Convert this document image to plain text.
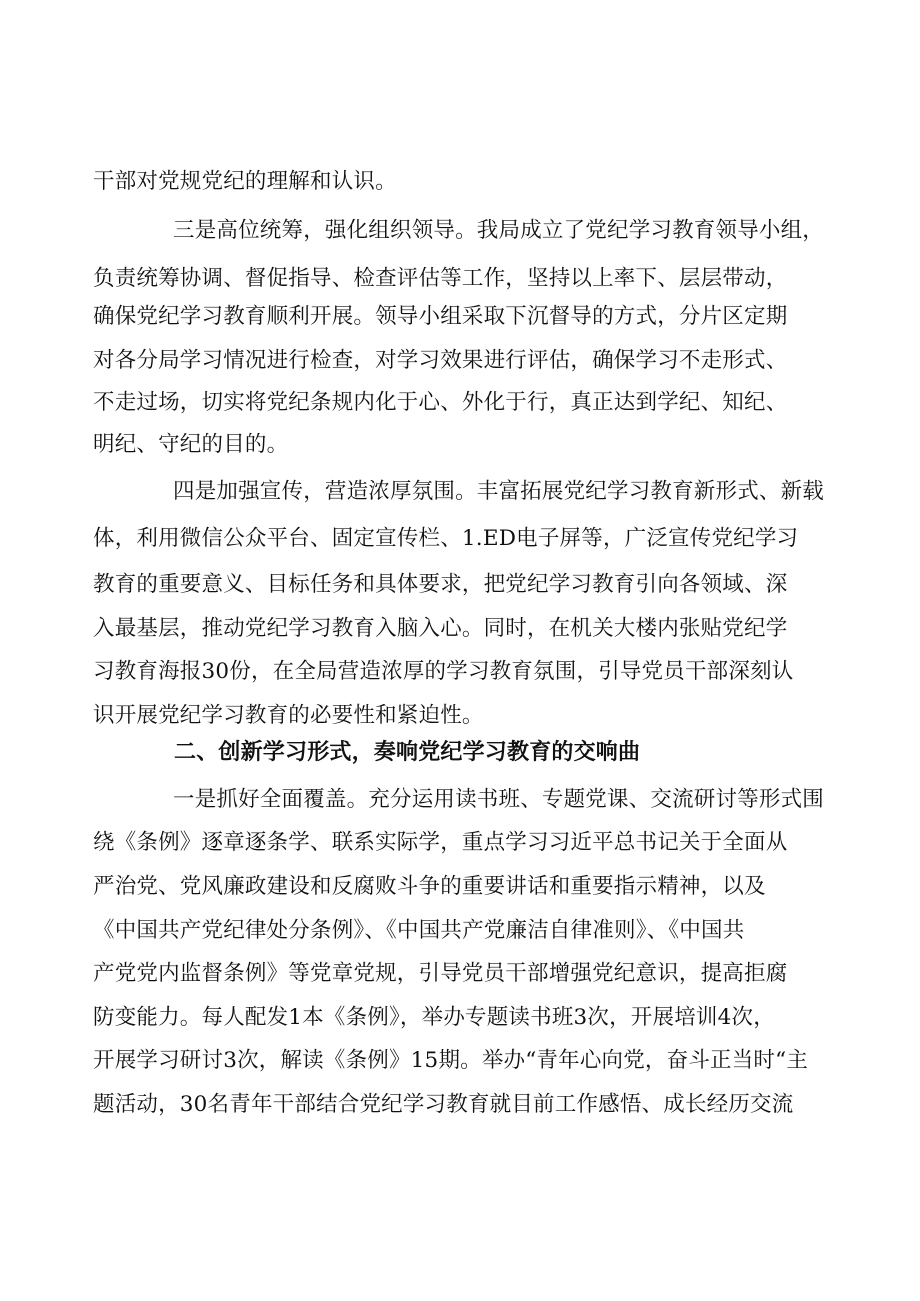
干部对党规党纪的理解和认识。
三是高位统筹，强化组织领导。我局成立了党纪学习教育领导小组，
负责统筹协调、督促指导、检查评估等工作，坚持以上率下、层层带动，
确保党纪学习教育顺利开展。领导小组采取下沉督导的方式，分片区定期
对各分局学习情况进行检查，对学习效果进行评估，确保学习不走形式、
不走过场，切实将党纪条规内化于心、外化于行，真正达到学纪、知纪、
明纪、守纪的目的。
四是加强宣传，营造浓厚氛围。丰富拓展党纪学习教育新形式、新载
体，利用微信公众平台、固定宣传栏、1.ED电子屏等，广泛宣传党纪学习
教育的重要意义、目标任务和具体要求，把党纪学习教育引向各领域、深
入最基层，推动党纪学习教育入脑入心。同时，在机关大楼内张贴党纪学
习教育海报30份，在全局营造浓厚的学习教育氛围，引导党员干部深刻认
识开展党纪学习教育的必要性和紧迫性。
二、创新学习形式，奏响党纪学习教育的交响曲
一是抓好全面覆盖。充分运用读书班、专题党课、交流研讨等形式围
绕《条例》逐章逐条学、联系实际学，重点学习习近平总书记关于全面从
严治党、党风廉政建设和反腐败斗争的重要讲话和重要指示精神，以及
《中国共产党纪律处分条例》、《中国共产党廉洁自律准则》、《中国共
产党党内监督条例》等党章党规，引导党员干部增强党纪意识，提高拒腐
防变能力。每人配发1本《条例》，举办专题读书班3次，开展培训4次，
开展学习研讨3次，解读《条例》15期。举办“青年心向党，奋斗正当时“主
题活动，30名青年干部结合党纪学习教育就目前工作感悟、成长经历交流
